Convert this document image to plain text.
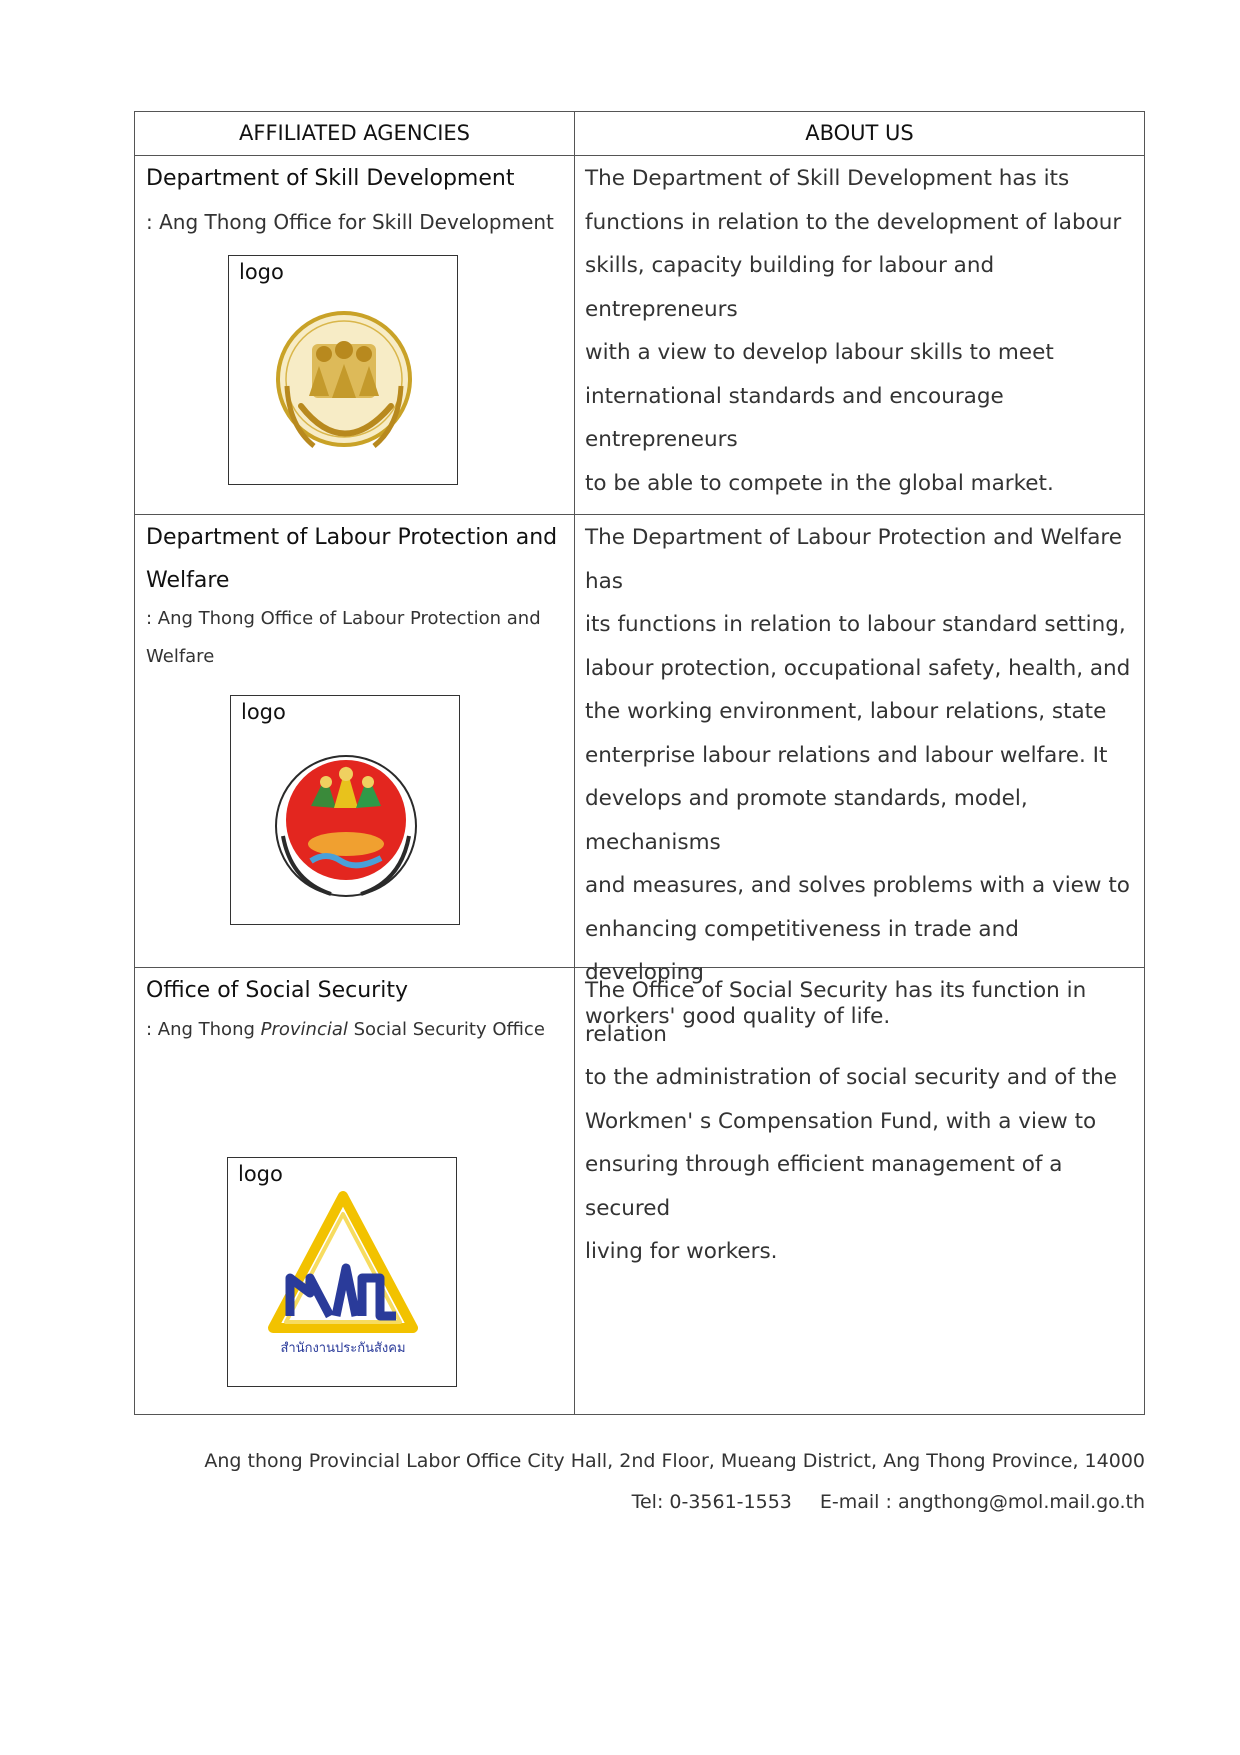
AFFILIATED AGENCIES	ABOUT US
Department of Skill Development
: Ang Thong Office for Skill Development
logo
The Department of Skill Development has its
functions in relation to the development of labour
skills, capacity building for labour and entrepreneurs
with a view to develop labour skills to meet
international standards and encourage entrepreneurs
to be able to compete in the global market.
Department of Labour Protection and
Welfare
: Ang Thong Office of Labour Protection and
Welfare
logo
The Department of Labour Protection and Welfare has
its functions in relation to labour standard setting,
labour protection, occupational safety, health, and
the working environment, labour relations, state
enterprise labour relations and labour welfare. It
develops and promote standards, model, mechanisms
and measures, and solves problems with a view to
enhancing competitiveness in trade and developing
workers' good quality of life.
Office of Social Security
: Ang Thong Provincial Social Security Office
logo
สำนักงานประกันสังคม
The Office of Social Security has its function in relation
to the administration of social security and of the
Workmen' s Compensation Fund, with a view to
ensuring through efficient management of a secured
living for workers.
Ang thong Provincial Labor Office City Hall, 2nd Floor, Mueang District, Ang Thong Province, 14000
Tel: 0-3561-1553 E-mail : angthong@mol.mail.go.th
